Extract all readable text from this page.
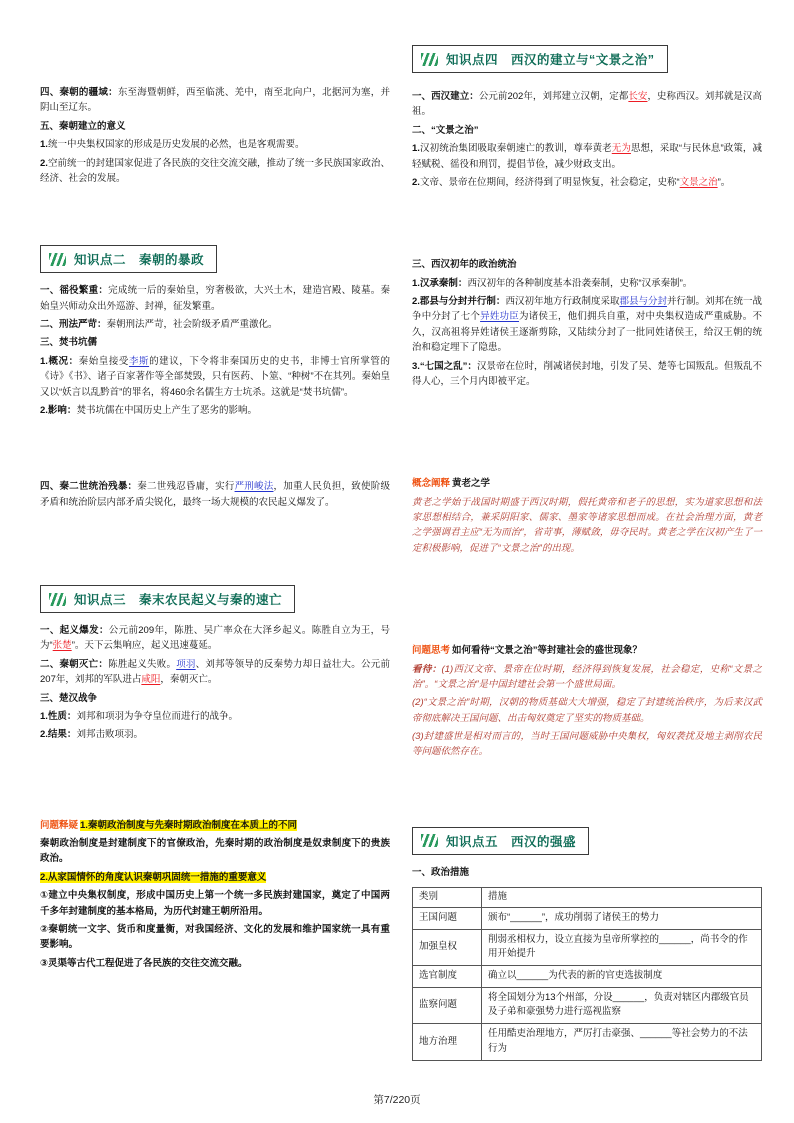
四、秦朝的疆域：东至海暨朝鲜，西至临洮、羌中，南至北向户，北据河为塞，并阴山至辽东。

五、秦朝建立的意义

1.统一中央集权国家的形成是历史发展的必然，也是客观需要。

2.空前统一的封建国家促进了各民族的交往交流交融，推动了统一多民族国家政治、经济、社会的发展。

知识点二　秦朝的暴政

一、徭役繁重：完成统一后的秦始皇，穷奢极欲，大兴土木，建造宫殿、陵墓。秦始皇兴师动众出外巡游、封禅，征发繁重。

二、刑法严苛：秦朝刑法严苛，社会阶级矛盾严重激化。

三、焚书坑儒

1.概况：秦始皇接受李斯的建议，下令将非秦国历史的史书，非博士官所掌管的《诗》《书》、诸子百家著作等全部焚毁，只有医药、卜筮、“种树”不在其列。秦始皇又以“妖言以乱黔首”的罪名，将460余名儒生方士坑杀。这就是“焚书坑儒”。

2.影响：焚书坑儒在中国历史上产生了恶劣的影响。

四、秦二世统治残暴：秦二世残忍昏庸，实行严刑峻法，加重人民负担，致使阶级矛盾和统治阶层内部矛盾尖锐化，最终一场大规模的农民起义爆发了。

知识点三　秦末农民起义与秦的速亡

一、起义爆发：公元前209年，陈胜、吴广率众在大泽乡起义。陈胜自立为王，号为“张楚”。天下云集响应，起义迅速蔓延。

二、秦朝灭亡：陈胜起义失败。项羽、刘邦等领导的反秦势力却日益壮大。公元前207年，刘邦的军队进占咸阳，秦朝灭亡。

三、楚汉战争

1.性质：刘邦和项羽为争夺皇位而进行的战争。

2.结果：刘邦击败项羽。

问题释疑 1.秦朝政治制度与先秦时期政治制度在本质上的不同

秦朝政治制度是封建制度下的官僚政治，先秦时期的政治制度是奴隶制度下的贵族政治。

2.从家国情怀的角度认识秦朝巩固统一措施的重要意义

①建立中央集权制度，形成中国历史上第一个统一多民族封建国家，奠定了中国两千多年封建制度的基本格局，为历代封建王朝所沿用。

②秦朝统一文字、货币和度量衡，对我国经济、文化的发展和维护国家统一具有重要影响。

③灵渠等古代工程促进了各民族的交往交流交融。

知识点四　西汉的建立与“文景之治”

一、西汉建立：公元前202年，刘邦建立汉朝，定都长安，史称西汉。刘邦就是汉高祖。

二、“文景之治”

1.汉初统治集团吸取秦朝速亡的教训，尊奉黄老无为思想，采取“与民休息”政策，减轻赋税、徭役和刑罚，提倡节俭，减少财政支出。

2.文帝、景帝在位期间，经济得到了明显恢复，社会稳定，史称“文景之治”。

三、西汉初年的政治统治

1.汉承秦制：西汉初年的各种制度基本沿袭秦制，史称“汉承秦制”。

2.郡县与分封并行制：西汉初年地方行政制度采取郡县与分封并行制。刘邦在统一战争中分封了七个异姓功臣为诸侯王，他们拥兵自重，对中央集权造成严重威胁。不久，汉高祖将异姓诸侯王逐渐剪除，又陆续分封了一批同姓诸侯王，给汉王朝的统治和稳定埋下了隐患。

3.“七国之乱”：汉景帝在位时，削减诸侯封地，引发了吴、楚等七国叛乱。但叛乱不得人心，三个月内即被平定。

概念阐释 黄老之学

黄老之学始于战国时期盛于西汉时期，假托黄帝和老子的思想，实为道家思想和法家思想相结合，兼采阴阳家、儒家、墨家等诸家思想而成。在社会治理方面，黄老之学强调君主应“无为而治”，省苛事，薄赋敛，毋夺民时。黄老之学在汉初产生了一定积极影响，促进了“文景之治”的出现。

问题思考 如何看待“文景之治”等封建社会的盛世现象？

看待：(1)西汉文帝、景帝在位时期，经济得到恢复发展，社会稳定，史称“文景之治”。“文景之治”是中国封建社会第一个盛世局面。

(2)“文景之治”时期，汉朝的物质基础大大增强，稳定了封建统治秩序，为后来汉武帝彻底解决王国问题、出击匈奴奠定了坚实的物质基础。

(3)封建盛世是相对而言的，当时王国问题威胁中央集权，匈奴袭扰及地主剥削农民等问题依然存在。

知识点五　西汉的强盛

一、政治措施

类别	措施
王国问题	颁布“______”，成功削弱了诸侯王的势力
加强皇权	削弱丞相权力，设立直接为皇帝所掌控的______，尚书令的作用开始提升
选官制度	确立以______为代表的新的官吏选拔制度
监察问题	将全国划分为13个州部，分设______，负责对辖区内郡级官员及子弟和豪强势力进行巡视监察
地方治理	任用酷吏治理地方，严厉打击豪强、______等社会势力的不法行为
第7/220页
